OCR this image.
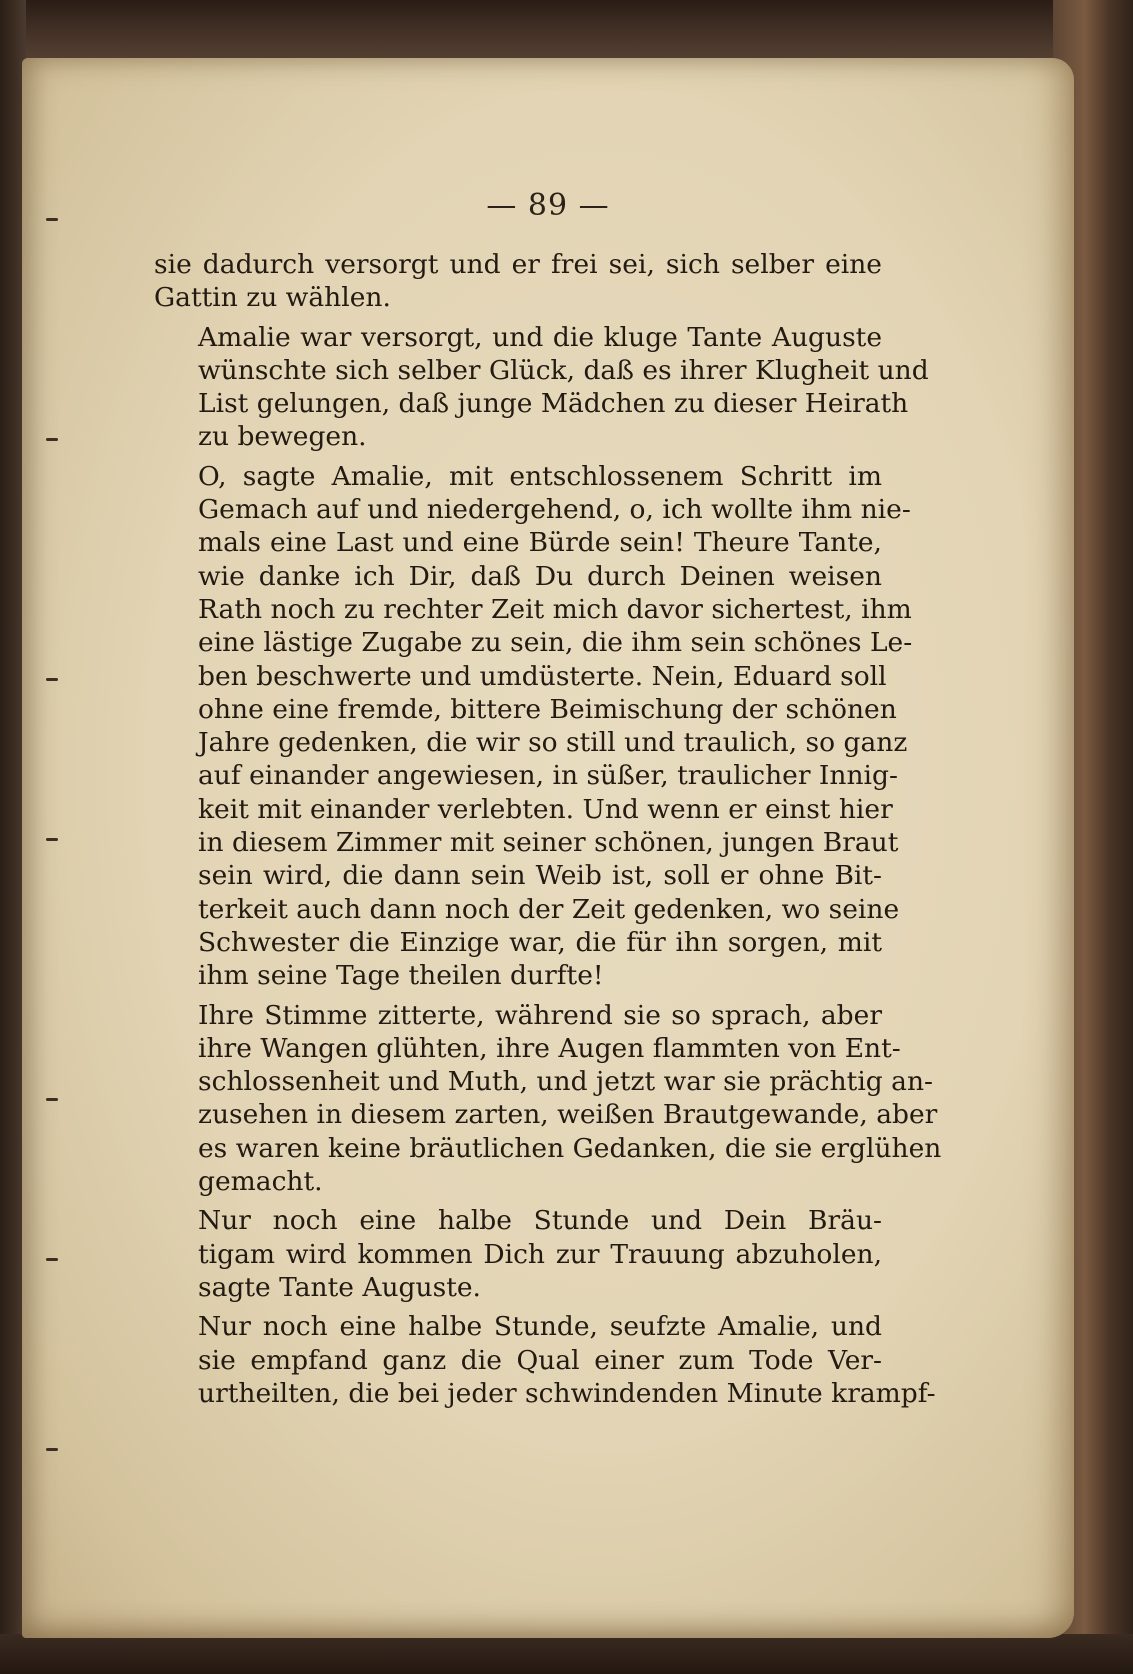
— 89 —

sie dadurch versorgt und er frei sei, sich selber eine
Gattin zu wählen.

Amalie war versorgt, und die kluge Tante Auguste
wünschte sich selber Glück, daß es ihrer Klugheit und
List gelungen, daß junge Mädchen zu dieser Heirath
zu bewegen.

O, sagte Amalie, mit entschlossenem Schritt im
Gemach auf und niedergehend, o, ich wollte ihm nie-
mals eine Last und eine Bürde sein! Theure Tante,
wie danke ich Dir, daß Du durch Deinen weisen
Rath noch zu rechter Zeit mich davor sichertest, ihm
eine lästige Zugabe zu sein, die ihm sein schönes Le-
ben beschwerte und umdüsterte. Nein, Eduard soll
ohne eine fremde, bittere Beimischung der schönen
Jahre gedenken, die wir so still und traulich, so ganz
auf einander angewiesen, in süßer, traulicher Innig-
keit mit einander verlebten. Und wenn er einst hier
in diesem Zimmer mit seiner schönen, jungen Braut
sein wird, die dann sein Weib ist, soll er ohne Bit-
terkeit auch dann noch der Zeit gedenken, wo seine
Schwester die Einzige war, die für ihn sorgen, mit
ihm seine Tage theilen durfte!

Ihre Stimme zitterte, während sie so sprach, aber
ihre Wangen glühten, ihre Augen flammten von Ent-
schlossenheit und Muth, und jetzt war sie prächtig an-
zusehen in diesem zarten, weißen Brautgewande, aber
es waren keine bräutlichen Gedanken, die sie erglühen
gemacht.

Nur noch eine halbe Stunde und Dein Bräu-
tigam wird kommen Dich zur Trauung abzuholen,
sagte Tante Auguste.

Nur noch eine halbe Stunde, seufzte Amalie, und
sie empfand ganz die Qual einer zum Tode Ver-
urtheilten, die bei jeder schwindenden Minute krampf-
